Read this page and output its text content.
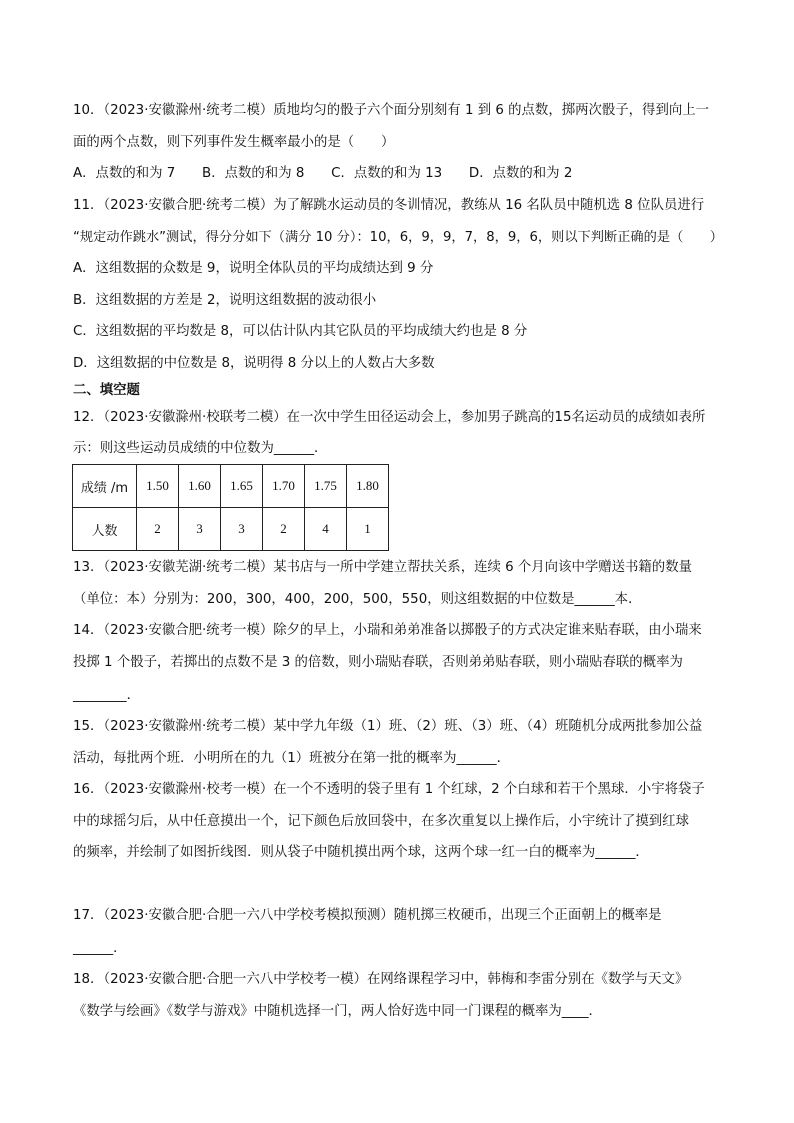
10．（2023·安徽滁州·统考二模）质地均匀的骰子六个面分别刻有 1 到 6 的点数，掷两次骰子，得到向上一
面的两个点数，则下列事件发生概率最小的是（　　）
A．点数的和为 7　　B．点数的和为 8　　C．点数的和为 13　　D．点数的和为 2
11．（2023·安徽合肥·统考二模）为了解跳水运动员的冬训情况，教练从 16 名队员中随机选 8 位队员进行
“规定动作跳水”测试，得分分如下（满分 10 分）：10，6，9，9，7，8，9，6，则以下判断正确的是（　　）
A．这组数据的众数是 9，说明全体队员的平均成绩达到 9 分
B．这组数据的方差是 2，说明这组数据的波动很小
C．这组数据的平均数是 8，可以估计队内其它队员的平均成绩大约也是 8 分
D．这组数据的中位数是 8，说明得 8 分以上的人数占大多数
二、填空题
12．（2023·安徽滁州·校联考二模）在一次中学生田径运动会上，参加男子跳高的15名运动员的成绩如表所
示：则这些运动员成绩的中位数为______．
成绩 /m	1.50	1.60	1.65	1.70	1.75	1.80
人数	2	3	3	2	4	1
13．（2023·安徽芜湖·统考二模）某书店与一所中学建立帮扶关系，连续 6 个月向该中学赠送书籍的数量
（单位：本）分别为：200，300，400，200，500，550，则这组数据的中位数是______本．
14．（2023·安徽合肥·统考一模）除夕的早上，小瑞和弟弟准备以掷骰子的方式决定谁来贴春联，由小瑞来
投掷 1 个骰子，若掷出的点数不是 3 的倍数，则小瑞贴春联，否则弟弟贴春联，则小瑞贴春联的概率为
________．
15．（2023·安徽滁州·统考二模）某中学九年级（1）班、（2）班、（3）班、（4）班随机分成两批参加公益
活动，每批两个班．小明所在的九（1）班被分在第一批的概率为______．
16．（2023·安徽滁州·校考一模）在一个不透明的袋子里有 1 个红球，2 个白球和若干个黑球．小宇将袋子
中的球摇匀后，从中任意摸出一个，记下颜色后放回袋中，在多次重复以上操作后，小宇统计了摸到红球
的频率，并绘制了如图折线图．则从袋子中随机摸出两个球，这两个球一红一白的概率为______．
17．（2023·安徽合肥·合肥一六八中学校考模拟预测）随机掷三枚硬币，出现三个正面朝上的概率是
______．
18．（2023·安徽合肥·合肥一六八中学校考一模）在网络课程学习中，韩梅和李雷分别在《数学与天文》
《数学与绘画》《数学与游戏》中随机选择一门，两人恰好选中同一门课程的概率为____．
